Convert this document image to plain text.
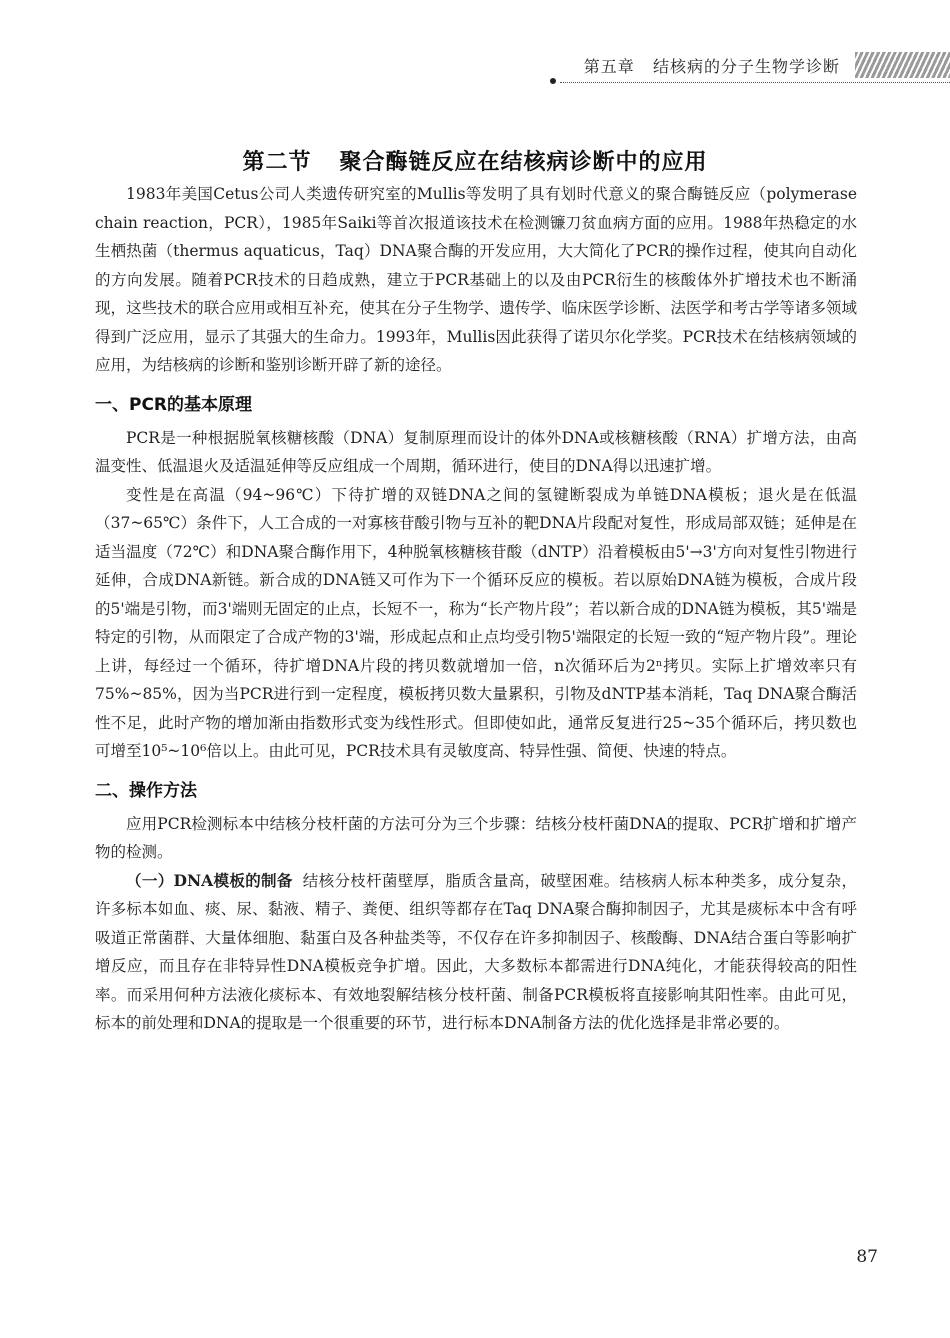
第五章 结核病的分子生物学诊断
第二节 聚合酶链反应在结核病诊断中的应用

1983年美国Cetus公司人类遗传研究室的Mullis等发明了具有划时代意义的聚合酶链反应（polymerase chain reaction，PCR），1985年Saiki等首次报道该技术在检测镰刀贫血病方面的应用。1988年热稳定的水生栖热菌（thermus aquaticus，Taq）DNA聚合酶的开发应用，大大简化了PCR的操作过程，使其向自动化的方向发展。随着PCR技术的日趋成熟，建立于PCR基础上的以及由PCR衍生的核酸体外扩增技术也不断涌现，这些技术的联合应用或相互补充，使其在分子生物学、遗传学、临床医学诊断、法医学和考古学等诸多领域得到广泛应用，显示了其强大的生命力。1993年，Mullis因此获得了诺贝尔化学奖。PCR技术在结核病领域的应用，为结核病的诊断和鉴别诊断开辟了新的途径。

一、PCR的基本原理

PCR是一种根据脱氧核糖核酸（DNA）复制原理而设计的体外DNA或核糖核酸（RNA）扩增方法，由高温变性、低温退火及适温延伸等反应组成一个周期，循环进行，使目的DNA得以迅速扩增。

变性是在高温（94~96℃）下待扩增的双链DNA之间的氢键断裂成为单链DNA模板；退火是在低温（37~65℃）条件下，人工合成的一对寡核苷酸引物与互补的靶DNA片段配对复性，形成局部双链；延伸是在适当温度（72℃）和DNA聚合酶作用下，4种脱氧核糖核苷酸（dNTP）沿着模板由5'→3'方向对复性引物进行延伸，合成DNA新链。新合成的DNA链又可作为下一个循环反应的模板。若以原始DNA链为模板，合成片段的5'端是引物，而3'端则无固定的止点，长短不一，称为“长产物片段”；若以新合成的DNA链为模板，其5'端是特定的引物，从而限定了合成产物的3'端，形成起点和止点均受引物5'端限定的长短一致的“短产物片段”。理论上讲，每经过一个循环，待扩增DNA片段的拷贝数就增加一倍，n次循环后为2ⁿ拷贝。实际上扩增效率只有75%~85%，因为当PCR进行到一定程度，模板拷贝数大量累积，引物及dNTP基本消耗，Taq DNA聚合酶活性不足，此时产物的增加渐由指数形式变为线性形式。但即使如此，通常反复进行25~35个循环后，拷贝数也可增至10⁵~10⁶倍以上。由此可见，PCR技术具有灵敏度高、特异性强、简便、快速的特点。

二、操作方法

应用PCR检测标本中结核分枝杆菌的方法可分为三个步骤：结核分枝杆菌DNA的提取、PCR扩增和扩增产物的检测。

（一）DNA模板的制备 结核分枝杆菌壁厚，脂质含量高，破壁困难。结核病人标本种类多，成分复杂，许多标本如血、痰、尿、黏液、精子、粪便、组织等都存在Taq DNA聚合酶抑制因子，尤其是痰标本中含有呼吸道正常菌群、大量体细胞、黏蛋白及各种盐类等，不仅存在许多抑制因子、核酸酶、DNA结合蛋白等影响扩增反应，而且存在非特异性DNA模板竞争扩增。因此，大多数标本都需进行DNA纯化，才能获得较高的阳性率。而采用何种方法液化痰标本、有效地裂解结核分枝杆菌、制备PCR模板将直接影响其阳性率。由此可见，标本的前处理和DNA的提取是一个很重要的环节，进行标本DNA制备方法的优化选择是非常必要的。

87
